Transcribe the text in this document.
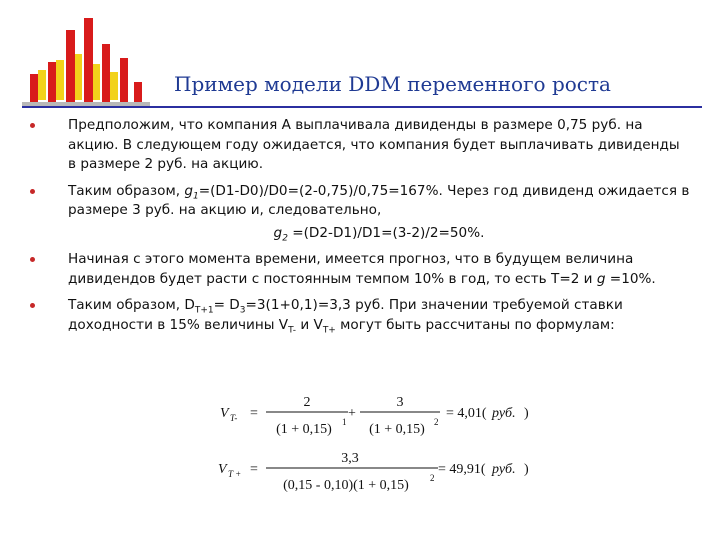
Пример модели DDM переменного роста
Предположим, что компания А выплачивала дивиденды в размере 0,75 руб. на акцию. В следующем году ожидается, что компания будет выплачивать дивиденды в размере 2 руб. на акцию.
Таким образом, $g_1=(D1-D0)/D0=(2-0,75)/0,75=167\%$. Через год дивиденд ожидается в размере 3 руб. на акцию и, следовательно,
$g_2 =(D2-D1)/D1=(3-2)/2=50\%$.
Начиная с этого момента времени, имеется прогноз, что в будущем величина дивидендов будет расти с постоянным темпом 10% в год, то есть Т=2 и g =10%.
Таким образом, $D_{T+1}= D_3=3(1+0,1)=3,3$ руб. При значении требуемой ставки доходности в 15% величины $V_{T-}$ и $V_{T+}$ могут быть рассчитаны по формулам:
V T- =
2
(1 + 0,15) 1
+
3
(1 + 0,15) 2
= 4,01( руб. )
V T + =
3,3
(0,15 - 0,10)(1 + 0,15) 2
= 49,91( руб. )
